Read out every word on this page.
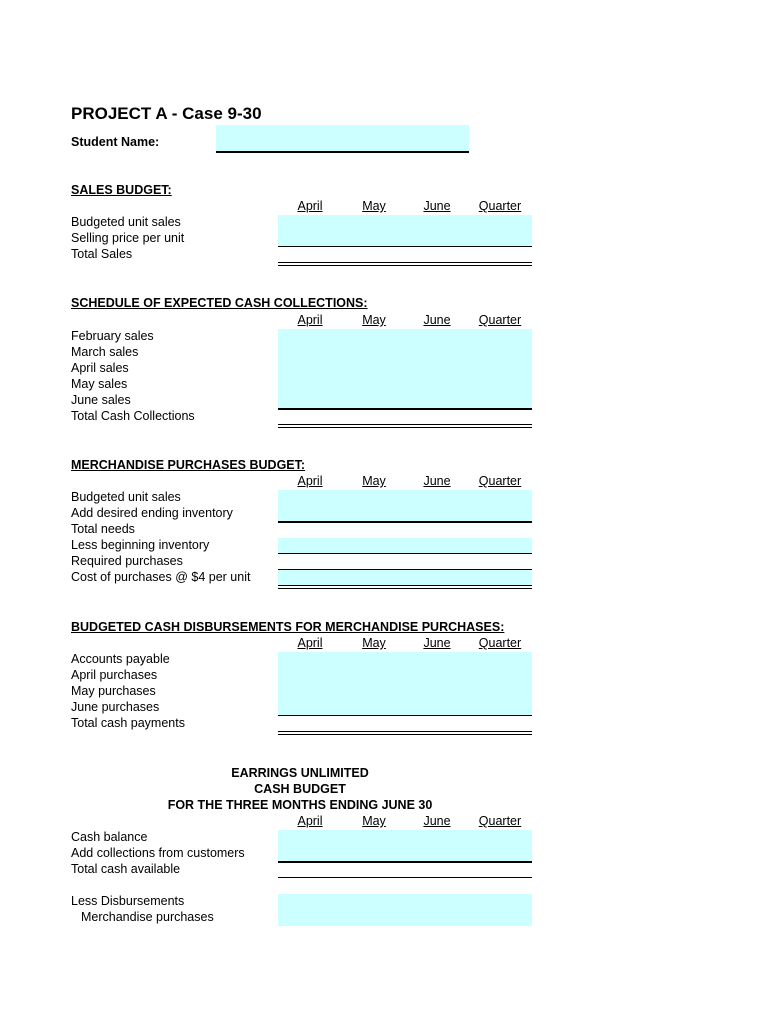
PROJECT A - Case 9-30
Student Name:
SALES BUDGET:
April	May	June	Quarter
Budgeted unit sales
Selling price per unit
Total Sales
SCHEDULE OF EXPECTED CASH COLLECTIONS:
April	May	June	Quarter
February sales
March sales
April sales
May sales
June sales
Total Cash Collections
MERCHANDISE PURCHASES BUDGET:
April	May	June	Quarter
Budgeted unit sales
Add desired ending inventory
Total needs
Less beginning inventory
Required purchases
Cost of purchases @ $4 per unit
BUDGETED CASH DISBURSEMENTS FOR MERCHANDISE PURCHASES:
April	May	June	Quarter
Accounts payable
April purchases
May purchases
June purchases
Total cash payments
EARRINGS UNLIMITED
CASH BUDGET
FOR THE THREE MONTHS ENDING JUNE 30
April	May	June	Quarter
Cash balance
Add collections from customers
Total cash available
Less Disbursements
Merchandise purchases
